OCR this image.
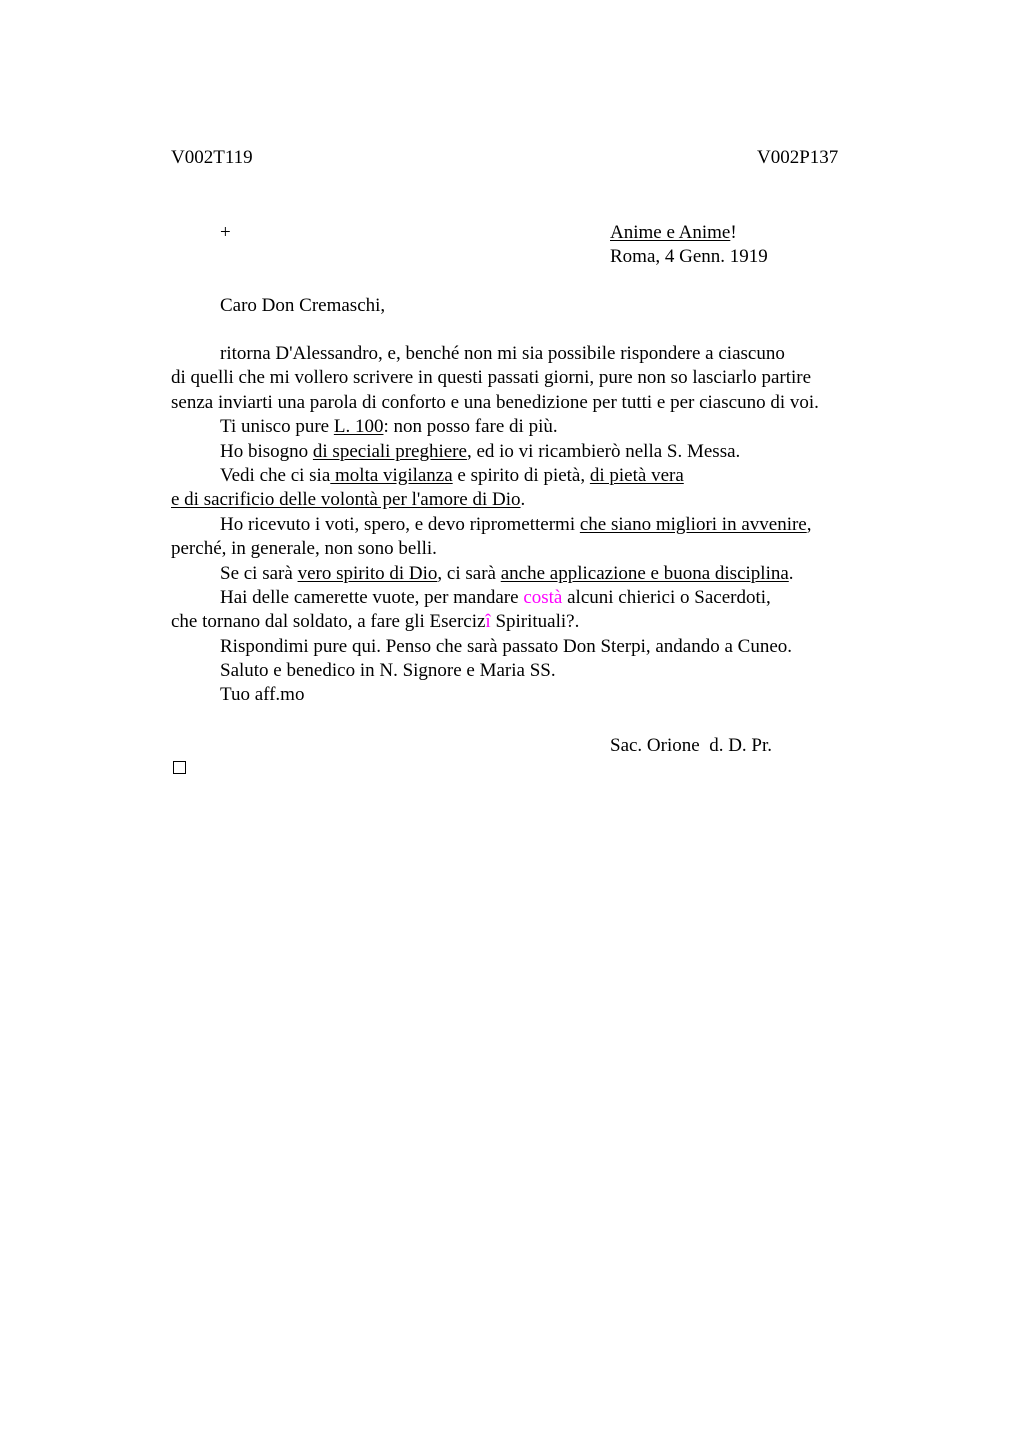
V002T119	V002P137
+	Anime e Anime!
Roma, 4 Genn. 1919
Caro Don Cremaschi,
ritorna D'Alessandro, e, benché non mi sia possibile rispondere a ciascuno
di quelli che mi vollero scrivere in questi passati giorni, pure non so lasciarlo partire
senza inviarti una parola di conforto e una benedizione per tutti e per ciascuno di voi.
Ti unisco pure L. 100: non posso fare di più.
Ho bisogno di speciali preghiere, ed io vi ricambierò nella S. Messa.
Vedi che ci sia molta vigilanza e spirito di pietà, di pietà vera
e di sacrificio delle volontà per l'amore di Dio.
Ho ricevuto i voti, spero, e devo ripromettermi che siano migliori in avvenire,
perché, in generale, non sono belli.
Se ci sarà vero spirito di Dio, ci sarà anche applicazione e buona disciplina.
Hai delle camerette vuote, per mandare costà alcuni chierici o Sacerdoti,
che tornano dal soldato, a fare gli Esercizî Spirituali?.
Rispondimi pure qui. Penso che sarà passato Don Sterpi, andando a Cuneo.
Saluto e benedico in N. Signore e Maria SS.
Tuo aff.mo
Sac. Orione  d. D. Pr.
